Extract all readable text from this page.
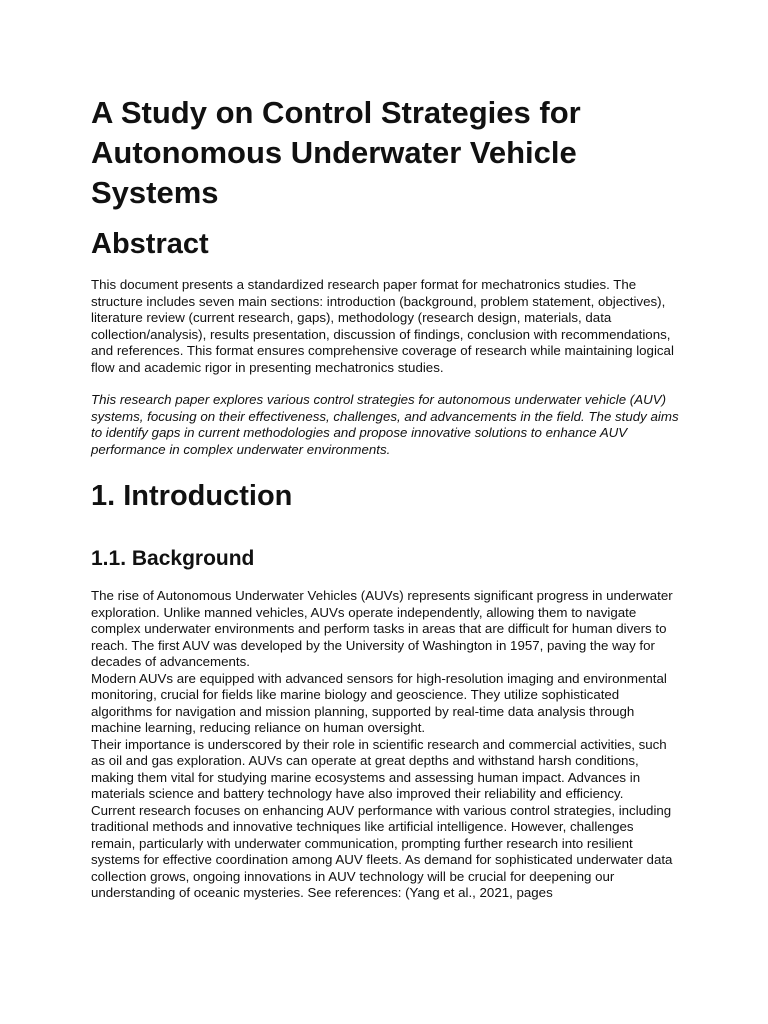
A Study on Control Strategies for Autonomous Underwater Vehicle Systems
Abstract

This document presents a standardized research paper format for mechatronics studies. The structure includes seven main sections: introduction (background, problem statement, objectives), literature review (current research, gaps), methodology (research design, materials, data collection/analysis), results presentation, discussion of findings, conclusion with recommendations, and references. This format ensures comprehensive coverage of research while maintaining logical flow and academic rigor in presenting mechatronics studies.

This research paper explores various control strategies for autonomous underwater vehicle (AUV) systems, focusing on their effectiveness, challenges, and advancements in the field. The study aims to identify gaps in current methodologies and propose innovative solutions to enhance AUV performance in complex underwater environments.

1. Introduction
1.1. Background

The rise of Autonomous Underwater Vehicles (AUVs) represents significant progress in underwater exploration. Unlike manned vehicles, AUVs operate independently, allowing them to navigate complex underwater environments and perform tasks in areas that are difficult for human divers to reach. The first AUV was developed by the University of Washington in 1957, paving the way for decades of advancements.

Modern AUVs are equipped with advanced sensors for high-resolution imaging and environmental monitoring, crucial for fields like marine biology and geoscience. They utilize sophisticated algorithms for navigation and mission planning, supported by real-time data analysis through machine learning, reducing reliance on human oversight.

Their importance is underscored by their role in scientific research and commercial activities, such as oil and gas exploration. AUVs can operate at great depths and withstand harsh conditions, making them vital for studying marine ecosystems and assessing human impact. Advances in materials science and battery technology have also improved their reliability and efficiency.

Current research focuses on enhancing AUV performance with various control strategies, including traditional methods and innovative techniques like artificial intelligence. However, challenges remain, particularly with underwater communication, prompting further research into resilient systems for effective coordination among AUV fleets. As demand for sophisticated underwater data collection grows, ongoing innovations in AUV technology will be crucial for deepening our understanding of oceanic mysteries. See references: (Yang et al., 2021, pages
